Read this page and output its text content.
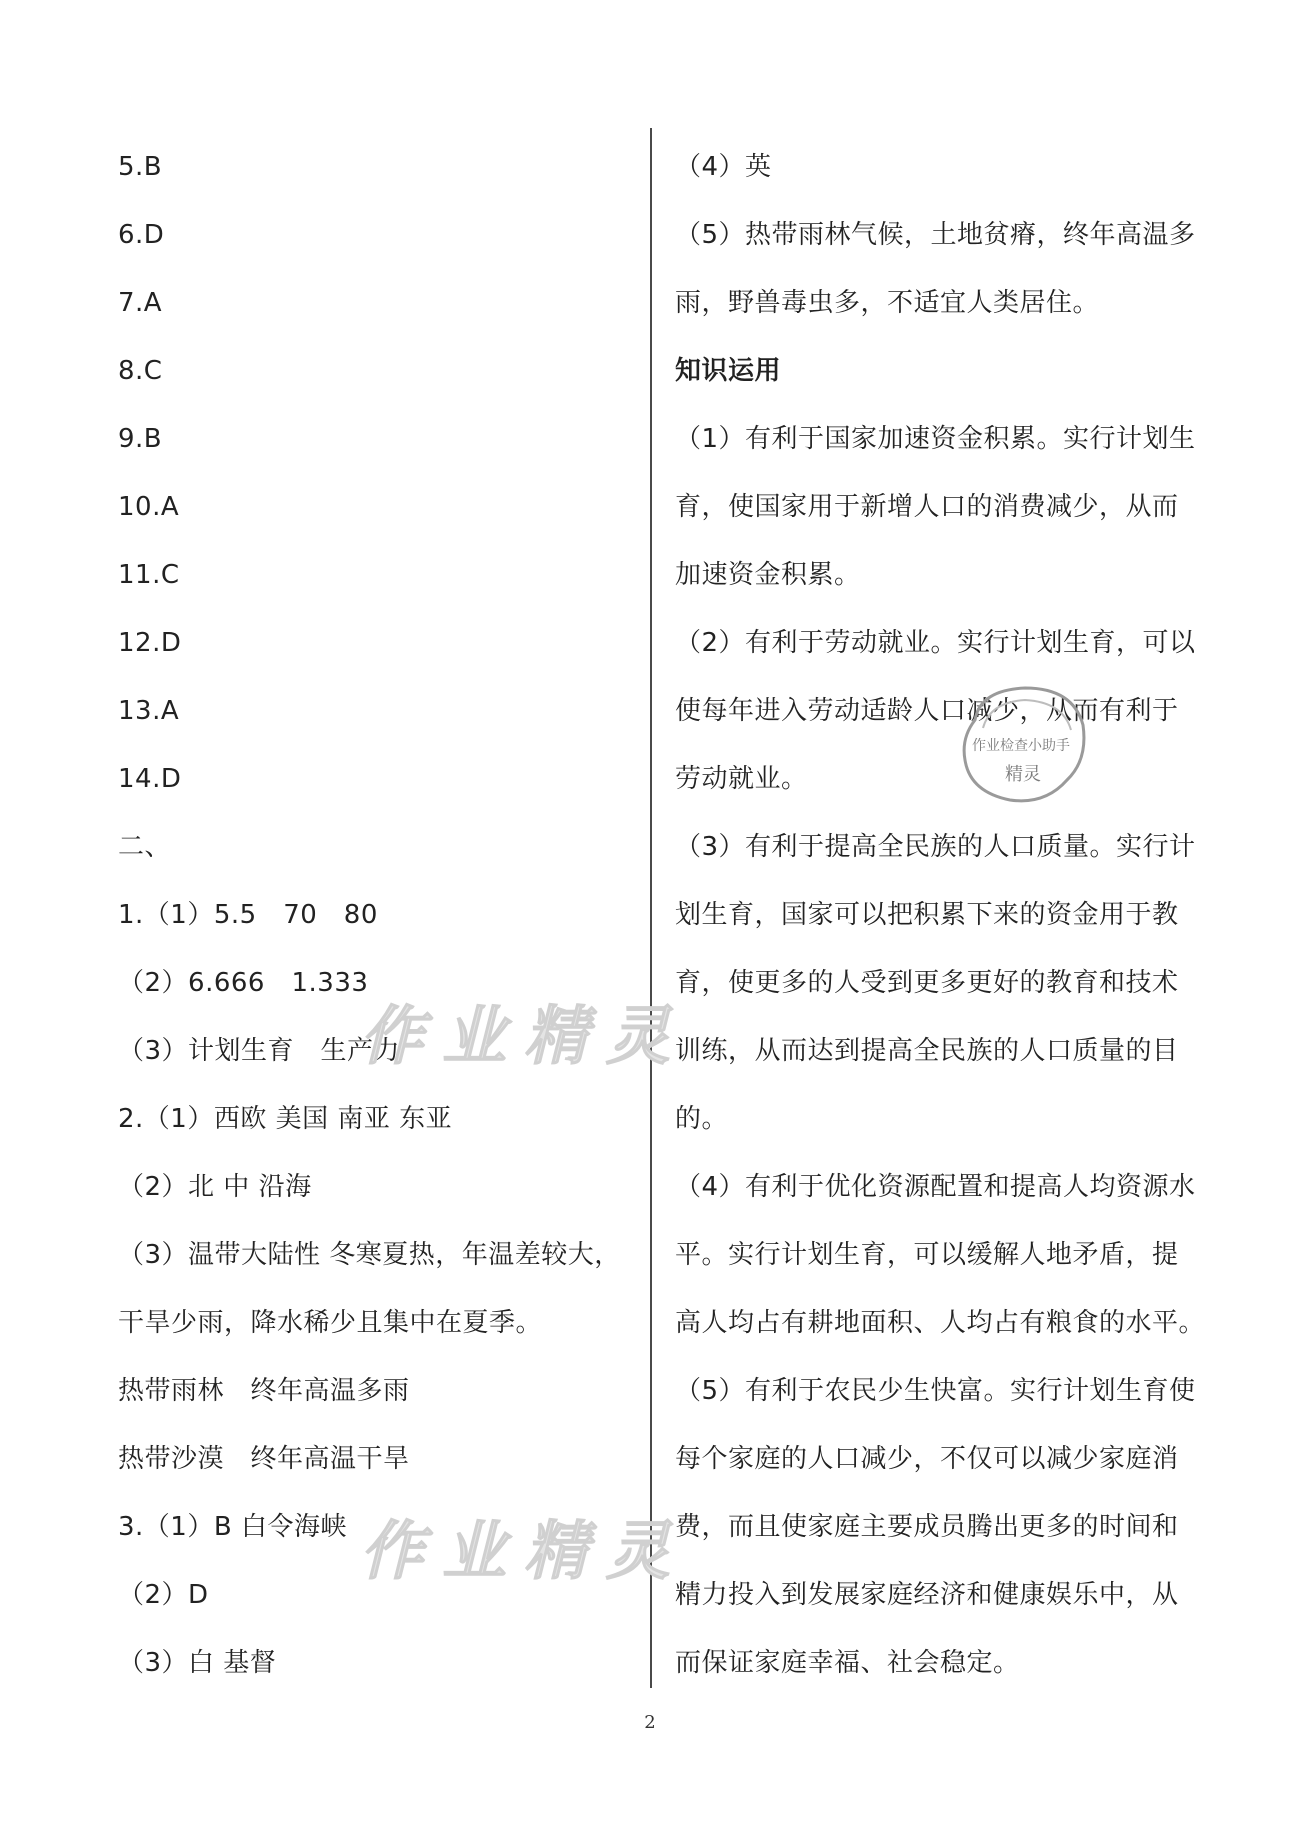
5.B
6.D
7.A
8.C
9.B
10.A
11.C
12.D
13.A
14.D
二、
1.（1）5.5　70　80
（2）6.666　1.333
（3）计划生育　生产力
2.（1）西欧 美国 南亚 东亚
（2）北 中 沿海
（3）温带大陆性 冬寒夏热，年温差较大，
干旱少雨，降水稀少且集中在夏季。
热带雨林　终年高温多雨
热带沙漠　终年高温干旱
3.（1）B 白令海峡
（2）D
（3）白 基督
（4）英
（5）热带雨林气候，土地贫瘠，终年高温多
雨，野兽毒虫多，不适宜人类居住。
知识运用
（1）有利于国家加速资金积累。实行计划生
育，使国家用于新增人口的消费减少，从而
加速资金积累。
（2）有利于劳动就业。实行计划生育，可以
使每年进入劳动适龄人口减少，从而有利于
劳动就业。
（3）有利于提高全民族的人口质量。实行计
划生育，国家可以把积累下来的资金用于教
育，使更多的人受到更多更好的教育和技术
训练，从而达到提高全民族的人口质量的目
的。
（4）有利于优化资源配置和提高人均资源水
平。实行计划生育，可以缓解人地矛盾，提
高人均占有耕地面积、人均占有粮食的水平。
（5）有利于农民少生快富。实行计划生育使
每个家庭的人口减少，不仅可以减少家庭消
费，而且使家庭主要成员腾出更多的时间和
精力投入到发展家庭经济和健康娱乐中，从
而保证家庭幸福、社会稳定。
作业精灵
作业精灵
作业检查小助手
精灵
2
